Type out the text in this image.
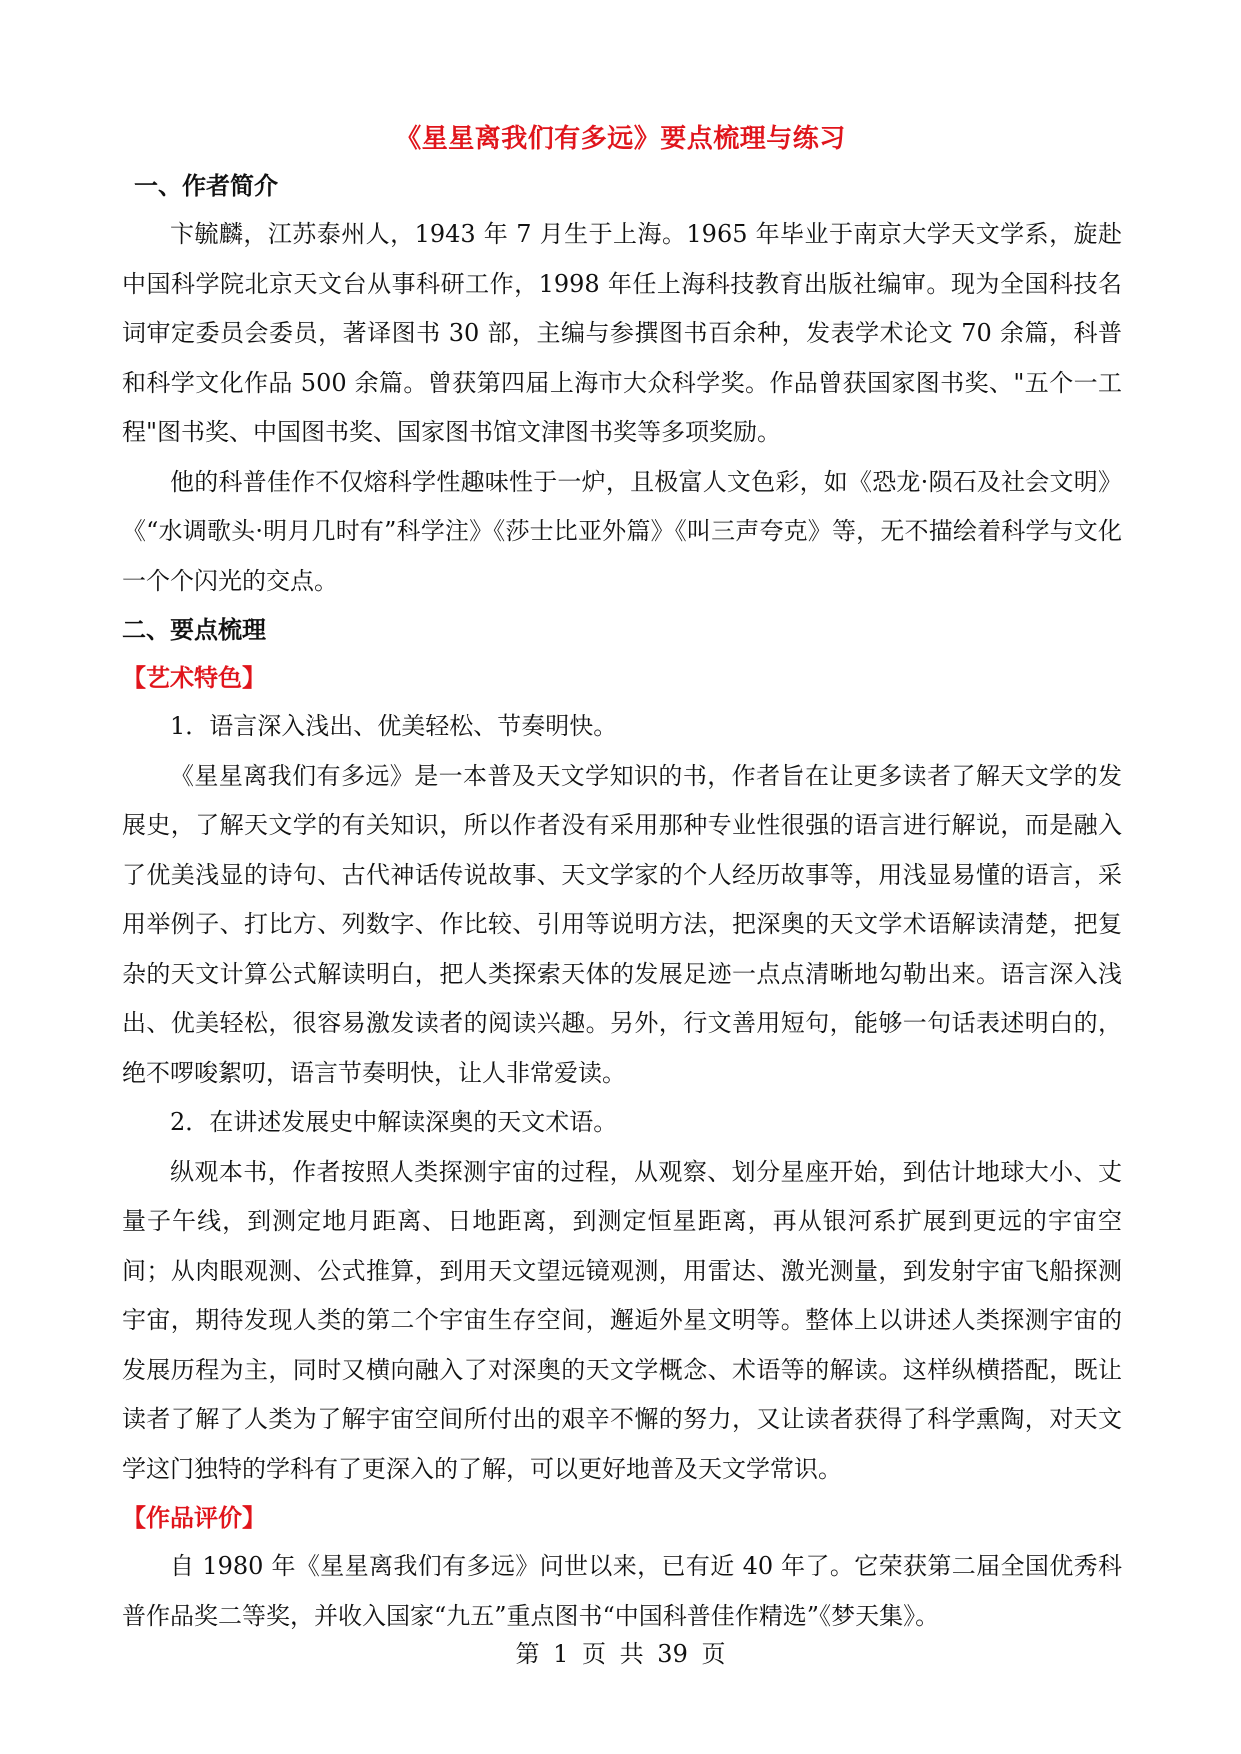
《星星离我们有多远》要点梳理与练习
一、作者简介

卞毓麟，江苏泰州人，1943 年 7 月生于上海。1965 年毕业于南京大学天文学系，旋赴中国科学院北京天文台从事科研工作，1998 年任上海科技教育出版社编审。现为全国科技名词审定委员会委员，著译图书 30 部，主编与参撰图书百余种，发表学术论文 70 余篇，科普和科学文化作品 500 余篇。曾获第四届上海市大众科学奖。作品曾获国家图书奖、"五个一工程"图书奖、中国图书奖、国家图书馆文津图书奖等多项奖励。

他的科普佳作不仅熔科学性趣味性于一炉，且极富人文色彩，如《恐龙·陨石及社会文明》《“水调歌头·明月几时有”科学注》《莎士比亚外篇》《叫三声夸克》等，无不描绘着科学与文化一个个闪光的交点。

二、要点梳理
【艺术特色】

1．语言深入浅出、优美轻松、节奏明快。

《星星离我们有多远》是一本普及天文学知识的书，作者旨在让更多读者了解天文学的发展史，了解天文学的有关知识，所以作者没有采用那种专业性很强的语言进行解说，而是融入了优美浅显的诗句、古代神话传说故事、天文学家的个人经历故事等，用浅显易懂的语言，采用举例子、打比方、列数字、作比较、引用等说明方法，把深奥的天文学术语解读清楚，把复杂的天文计算公式解读明白，把人类探索天体的发展足迹一点点清晰地勾勒出来。语言深入浅出、优美轻松，很容易激发读者的阅读兴趣。另外，行文善用短句，能够一句话表述明白的，绝不啰唆絮叨，语言节奏明快，让人非常爱读。

2．在讲述发展史中解读深奥的天文术语。

纵观本书，作者按照人类探测宇宙的过程，从观察、划分星座开始，到估计地球大小、丈量子午线，到测定地月距离、日地距离，到测定恒星距离，再从银河系扩展到更远的宇宙空间；从肉眼观测、公式推算，到用天文望远镜观测，用雷达、激光测量，到发射宇宙飞船探测宇宙，期待发现人类的第二个宇宙生存空间，邂逅外星文明等。整体上以讲述人类探测宇宙的发展历程为主，同时又横向融入了对深奥的天文学概念、术语等的解读。这样纵横搭配，既让读者了解了人类为了解宇宙空间所付出的艰辛不懈的努力，又让读者获得了科学熏陶，对天文学这门独特的学科有了更深入的了解，可以更好地普及天文学常识。

【作品评价】

自 1980 年《星星离我们有多远》问世以来，已有近 40 年了。它荣获第二届全国优秀科普作品奖二等奖，并收入国家“九五”重点图书“中国科普佳作精选”《梦天集》。

第 1 页 共 39 页
